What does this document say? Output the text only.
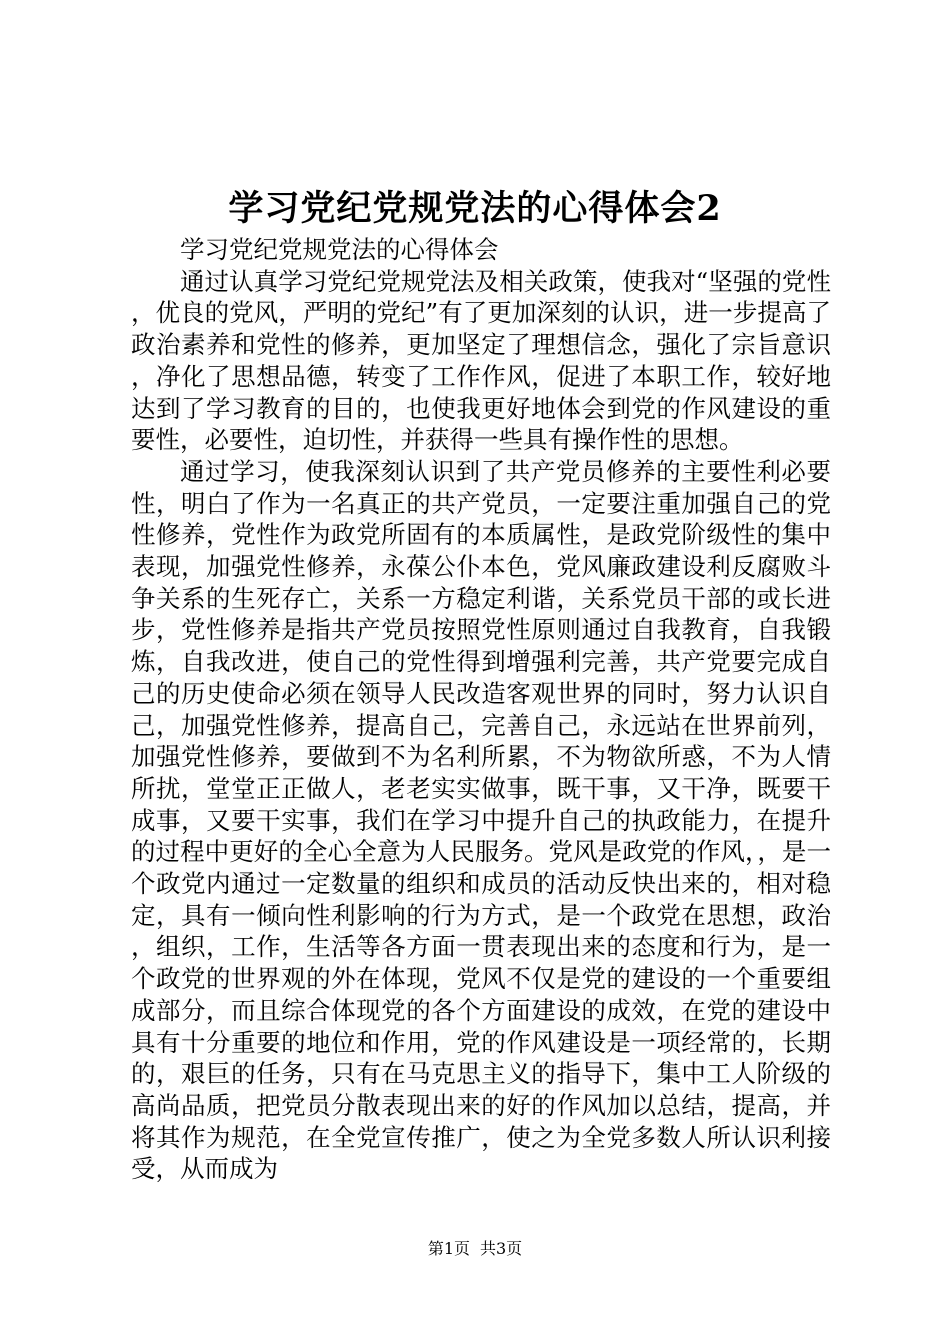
学习党纪党规党法的心得体会2

学习党纪党规党法的心得体会

通过认真学习党纪党规党法及相关政策，使我对“坚强的党性，优良的党风，严明的党纪”有了更加深刻的认识，进一步提高了政治素养和党性的修养，更加坚定了理想信念，强化了宗旨意识，净化了思想品德，转变了工作作风，促进了本职工作，较好地达到了学习教育的目的，也使我更好地体会到党的作风建设的重要性，必要性，迫切性，并获得一些具有操作性的思想。

通过学习，使我深刻认识到了共产党员修养的主要性利必要性，明白了作为一名真正的共产党员，一定要注重加强自己的党性修养，党性作为政党所固有的本质属性，是政党阶级性的集中表现，加强党性修养，永葆公仆本色，党风廉政建设利反腐败斗争关系的生死存亡，关系一方稳定利谐，关系党员干部的或长进步，党性修养是指共产党员按照党性原则通过自我教育，自我锻炼，自我改进，使自己的党性得到增强利完善，共产党要完成自己的历史使命必须在领导人民改造客观世界的同时，努力认识自己，加强党性修养，提高自己，完善自己，永远站在世界前列，加强党性修养，要做到不为名利所累，不为物欲所惑，不为人情所扰，堂堂正正做人，老老实实做事，既干事，又干净，既要干成事，又要干实事，我们在学习中提升自己的执政能力，在提升的过程中更好的全心全意为人民服务。党风是政党的作风，，是一个政党内通过一定数量的组织和成员的活动反快出来的，相对稳定，具有一倾向性利影响的行为方式，是一个政党在思想，政治，组织，工作，生活等各方面一贯表现出来的态度和行为，是一个政党的世界观的外在体现，党风不仅是党的建设的一个重要组成部分，而且综合体现党的各个方面建设的成效，在党的建设中具有十分重要的地位和作用，党的作风建设是一项经常的，长期的，艰巨的任务，只有在马克思主义的指导下，集中工人阶级的高尚品质，把党员分散表现出来的好的作风加以总结，提高，并将其作为规范，在全党宣传推广，使之为全党多数人所认识利接受，从而成为

第1页 共3页
